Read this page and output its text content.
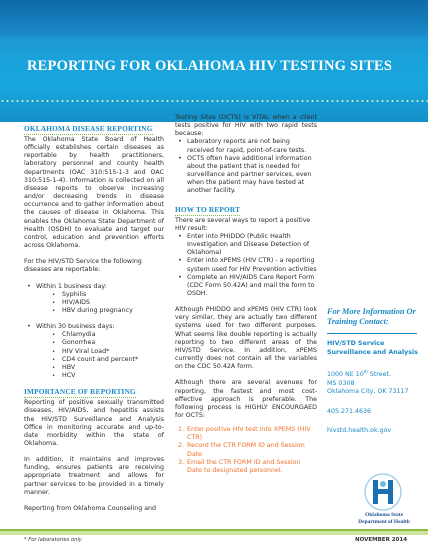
REPORTING FOR OKLAHOMA HIV TESTING SITES
OKLAHOMA DISEASE REPORTING

The Oklahoma State Board of Health officially establishes certain diseases as reportable by health practitioners, laboratory personnel and county health departments (OAC 310:515-1-3 and OAC 310:515-1-4). Information is collected on all disease reports to observe increasing and/or decreasing trends in disease occurrence and to gather information about the causes of disease in Oklahoma. This enables the Oklahoma State Department of Health (OSDH) to evaluate and target our control, education and prevention efforts across Oklahoma.

For the HIV/STD Service the following diseases are reportable:

• Within 1 business day:
• Syphilis
• HIV/AIDS
• HBV during pregnancy
• Within 30 business days:
• Chlamydia
• Gonorrhea
• HIV Viral Load*
• CD4 count and percent*
• HBV
• HCV
IMPORTANCE OF REPORTING

Reporting of positive sexually transmitted diseases, HIV/AIDS, and hepatitis assists the HIV/STD Surveillance and Analysis Office in monitoring accurate and up-to-date morbidity within the state of Oklahoma.

In addition, it maintains and improves funding, ensures patients are receiving appropriate treatment and allows for partner services to be provided in a timely manner.

Reporting from Oklahoma Counseling and

Testing Sites (OCTS) is VITAL when a client tests positive for HIV with two rapid tests because:

• Laboratory reports are not being received for rapid, point-of-care tests.
• OCTS often have additional information about the patient that is needed for surveillance and partner services, even when the patient may have tested at another facility.
HOW TO REPORT

There are several ways to report a positive HIV result:

• Enter into PHIDDO (Public Health Investigation and Disease Detection of Oklahoma)
• Enter into xPEMS (HIV CTR) - a reporting system used for HIV Prevention activities
• Complete an HIV/AIDS Care Report Form (CDC Form 50.42A) and mail the form to OSDH.

Although PHIDDO and xPEMS (HIV CTR) look very similar, they are actually two different systems used for two different purposes. What seems like double reporting is actually reporting to two different areas of the HIV/STD Service. In addition, xPEMS currently does not contain all the variables on the CDC 50.42A form.

Although there are several avenues for reporting, the fastest and most cost-effective approach is preferable. The following process is HIGHLY ENCOURGAED for OCTS:

1. Enter positive HIV test into XPEMS (HIV CTR)
2. Record the CTR FORM ID and Session Date
3. Email the CTR FORM ID and Session Date to designated personnel.
For More Information Or Training Contact:
HIV/STD Service
Surveillance and Analysis
1000 NE 10th Street,
MS 0308
Oklahoma City, OK 73117
405.271.4636
hivstd.health.ok.gov
Oklahoma State
Department of Health
* For laboratories only	NOVEMBER 2014
